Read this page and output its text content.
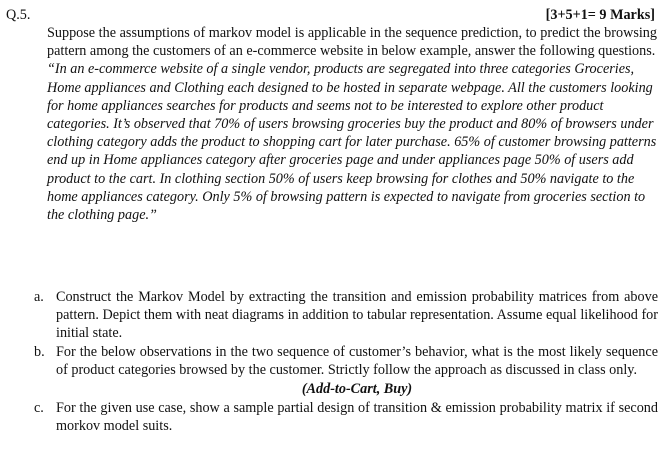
Q.5.	[3+5+1= 9 Marks]

Suppose the assumptions of markov model is applicable in the sequence prediction, to predict the browsing pattern among the customers of an e-commerce website in below example, answer the following questions.

“In an e-commerce website of a single vendor, products are segregated into three categories Groceries, Home appliances and Clothing each designed to be hosted in separate webpage. All the customers looking for home appliances searches for products and seems not to be interested to explore other product categories. It’s observed that 70% of users browsing groceries buy the product and 80% of browsers under clothing category adds the product to shopping cart for later purchase. 65% of customer browsing patterns end up in Home appliances category after groceries page and under appliances page 50% of users add product to the cart. In clothing section 50% of users keep browsing for clothes and 50% navigate to the home appliances category. Only 5% of browsing pattern is expected to navigate from groceries section to the clothing page.”

a. Construct the Markov Model by extracting the transition and emission probability matrices from above pattern. Depict them with neat diagrams in addition to tabular representation. Assume equal likelihood for initial state.
b. For the below observations in the two sequence of customer’s behavior, what is the most likely sequence of product categories browsed by the customer. Strictly follow the approach as discussed in class only.
(Add-to-Cart, Buy)
c. For the given use case, show a sample partial design of transition & emission probability matrix if second morkov model suits.
